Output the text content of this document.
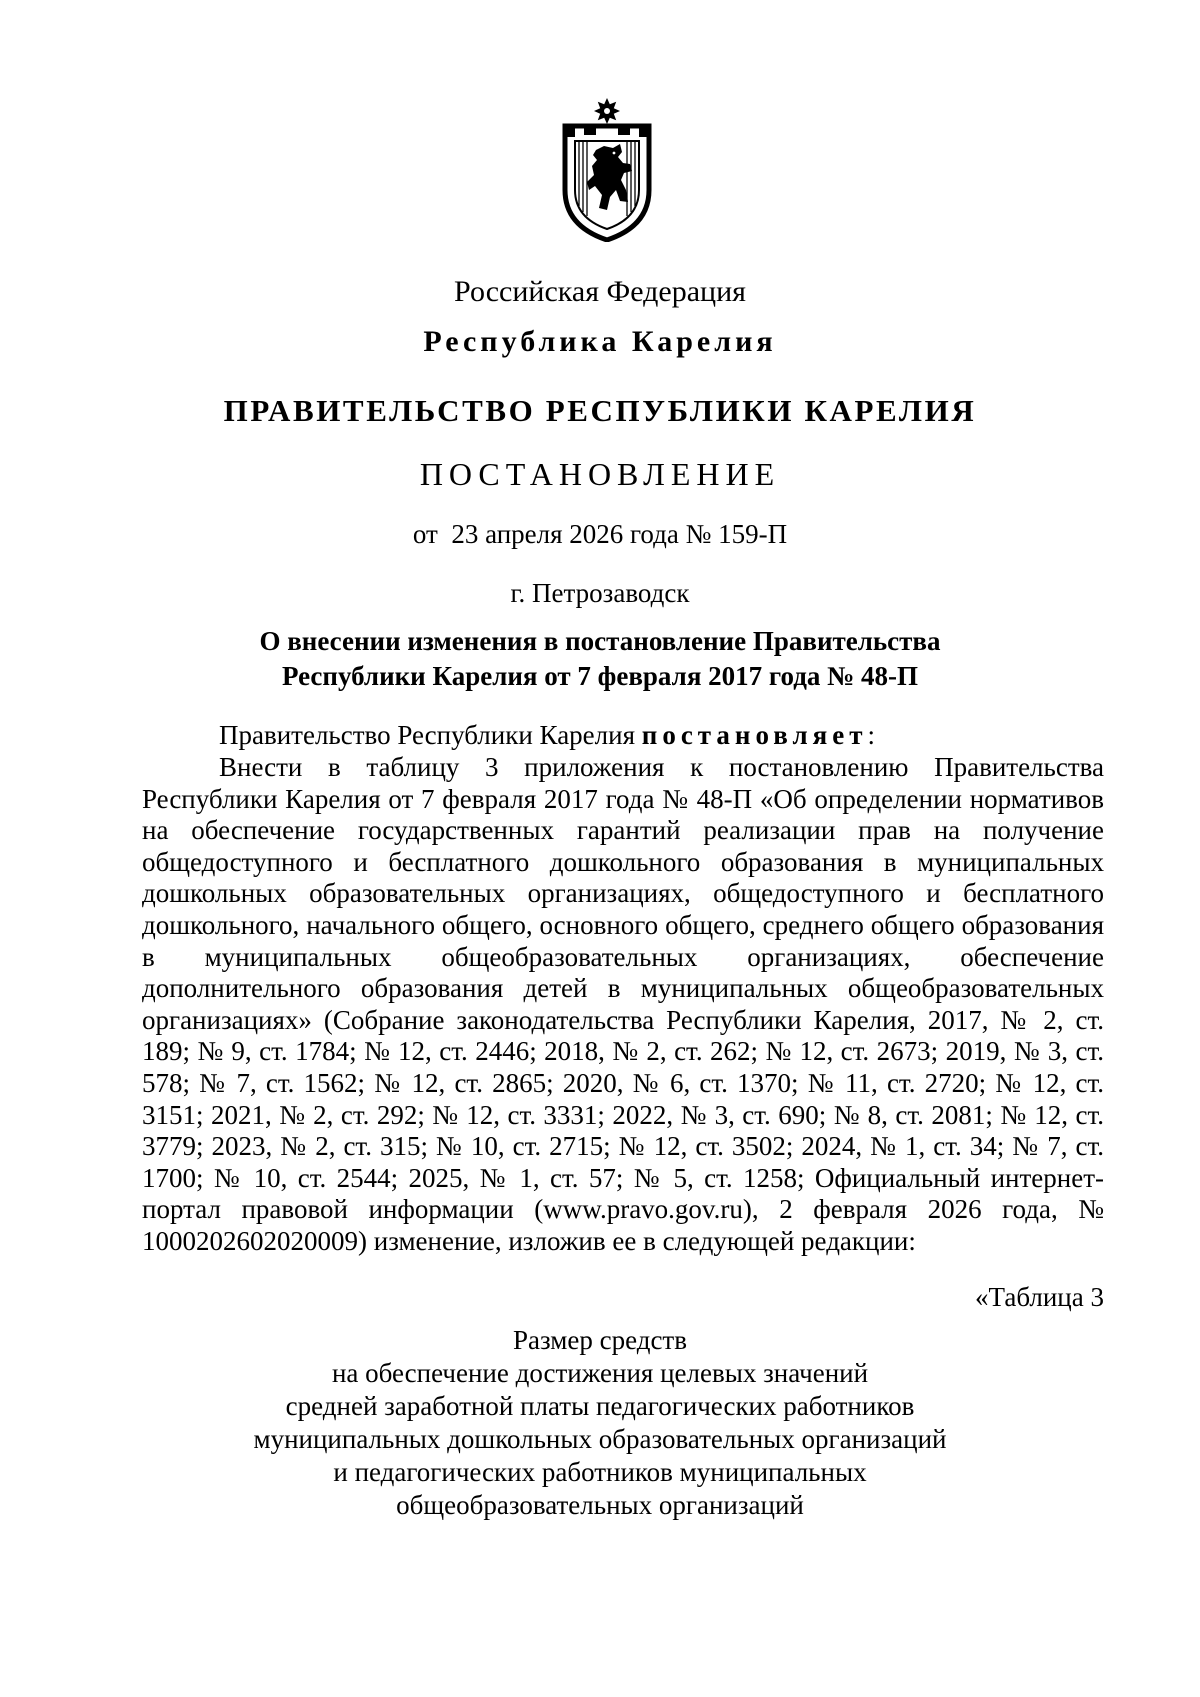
Российская Федерация
Республика Карелия
ПРАВИТЕЛЬСТВО РЕСПУБЛИКИ КАРЕЛИЯ
ПОСТАНОВЛЕНИЕ
от  23 апреля 2026 года № 159-П
г. Петрозаводск
О внесении изменения в постановление Правительства
Республики Карелия от 7 февраля 2017 года № 48-П
Правительство Республики Карелия постановляет:

Внести в таблицу 3 приложения к постановлению Правительства Республики Карелия от 7 февраля 2017 года № 48-П «Об определении нормативов на обеспечение государственных гарантий реализации прав на получение общедоступного и бесплатного дошкольного образования в муниципальных дошкольных образовательных организациях, общедоступного и бесплатного дошкольного, начального общего, основного общего, среднего общего образования в муниципальных общеобразовательных организациях, обеспечение дополнительного образования детей в муниципальных общеобразовательных организациях» (Собрание законодательства Республики Карелия, 2017, № 2, ст. 189; № 9, ст. 1784; № 12, ст. 2446; 2018, № 2, ст. 262; № 12, ст. 2673; 2019, № 3, ст. 578; № 7, ст. 1562; № 12, ст. 2865; 2020, № 6, ст. 1370; № 11, ст. 2720; № 12, ст. 3151; 2021, № 2, ст. 292; № 12, ст. 3331; 2022, № 3, ст. 690; № 8, ст. 2081; № 12, ст. 3779; 2023, № 2, ст. 315; № 10, ст. 2715; № 12, ст. 3502; 2024, № 1, ст. 34; № 7, ст. 1700; № 10, ст. 2544; 2025, № 1, ст. 57; № 5, ст. 1258; Официальный интернет-портал правовой информации (www.pravo.gov.ru), 2 февраля 2026 года, № 1000202602020009) изменение, изложив ее в следующей редакции:

«Таблица 3
Размер средств
на обеспечение достижения целевых значений
средней заработной платы педагогических работников
муниципальных дошкольных образовательных организаций
и педагогических работников муниципальных
общеобразовательных организаций
